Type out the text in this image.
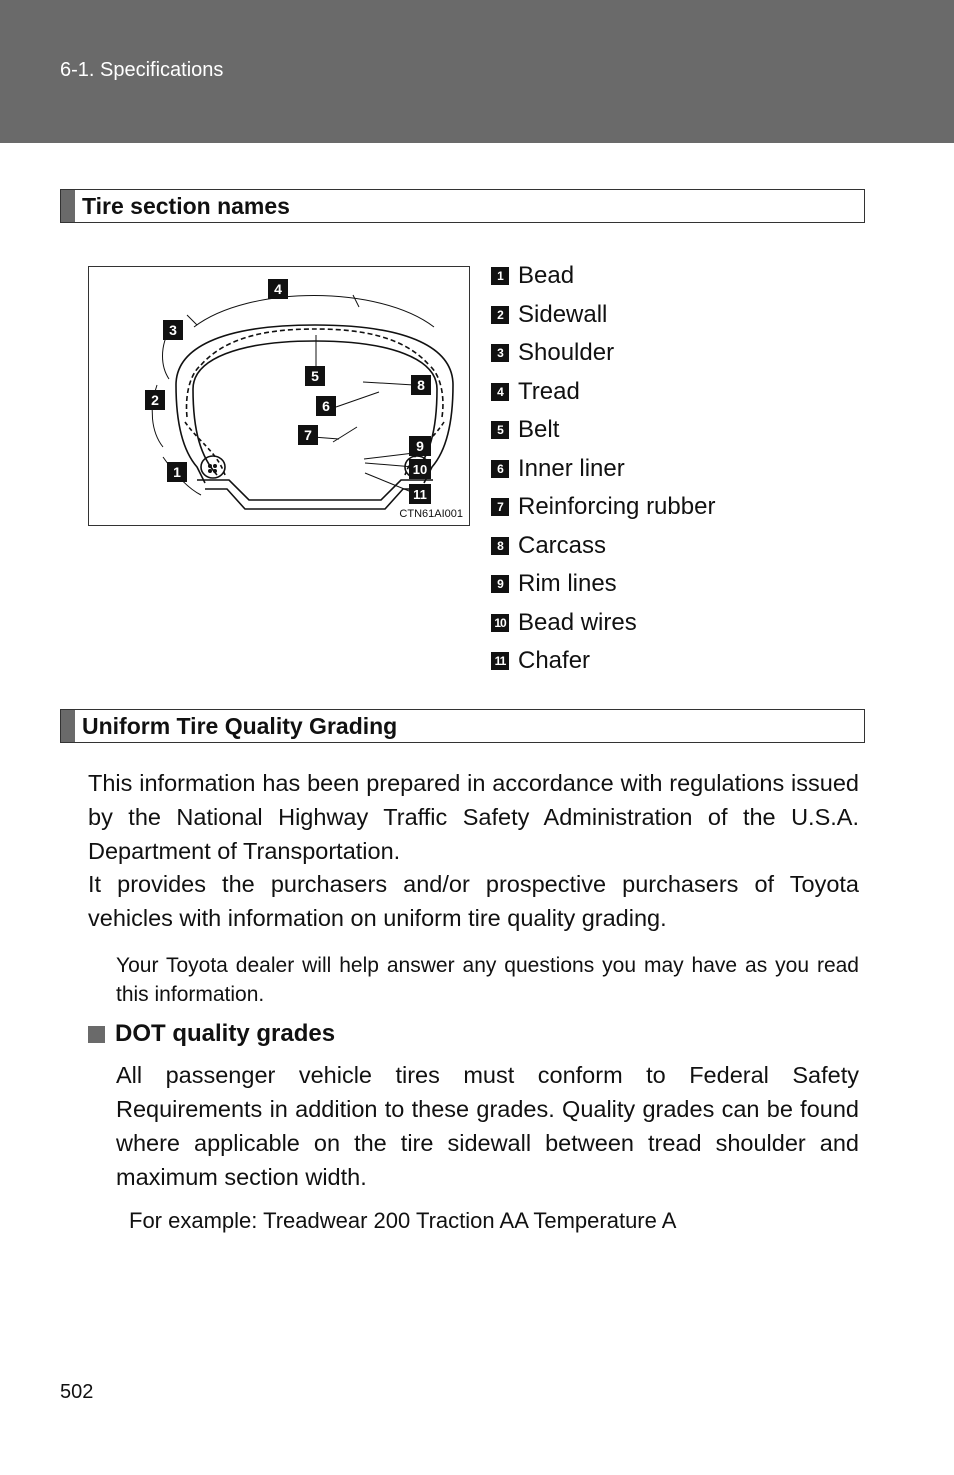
6-1. Specifications
Tire section names
4
3
5
8
2	6
7
9
1	10
11
CTN61AI001
1 Bead
2 Sidewall
3 Shoulder
4 Tread
5 Belt
6 Inner liner
7 Reinforcing rubber
8 Carcass
9 Rim lines
10 Bead wires
11 Chafer
Uniform Tire Quality Grading

This information has been prepared in accordance with regulations issued by the National Highway Traffic Safety Administration of the U.S.A. Department of Transportation.

It provides the purchasers and/or prospective purchasers of Toyota vehicles with information on uniform tire quality grading.

Your Toyota dealer will help answer any questions you may have as you read this information.

DOT quality grades

All passenger vehicle tires must conform to Federal Safety Requirements in addition to these grades. Quality grades can be found where applicable on the tire sidewall between tread shoulder and maximum section width.

For example: Treadwear 200 Traction AA Temperature A
502
